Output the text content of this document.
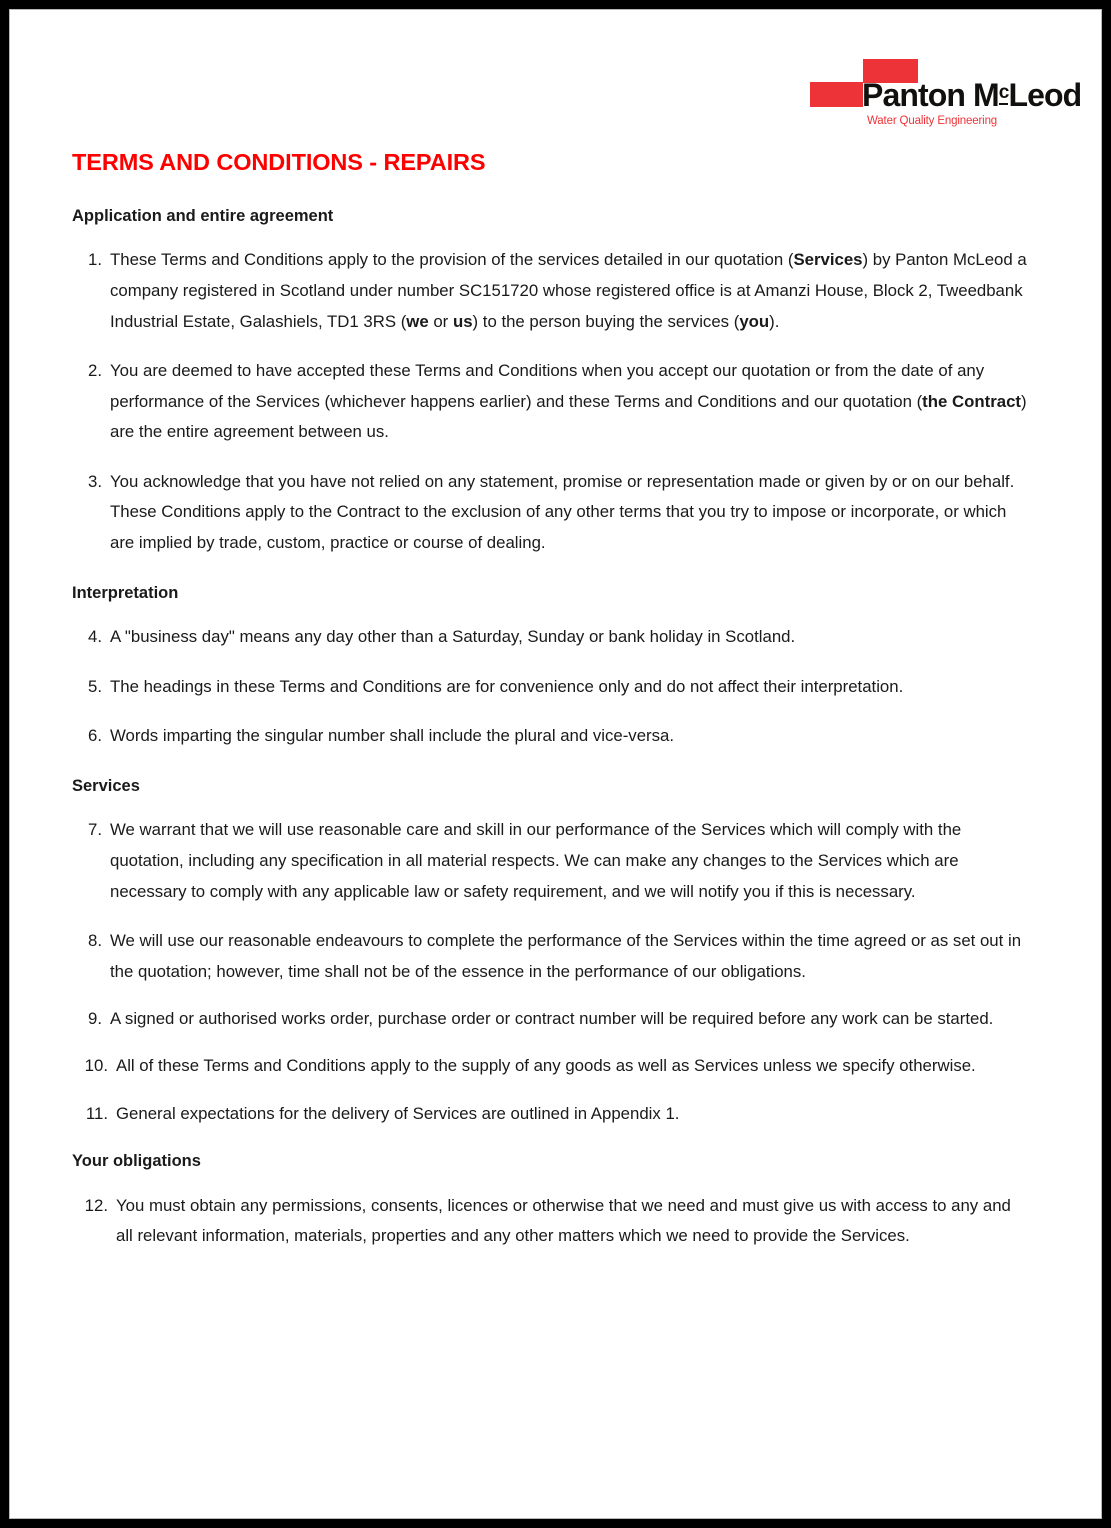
Panton $M^cLeod$
Water Quality Engineering
TERMS AND CONDITIONS - REPAIRS
Application and entire agreement
1. These Terms and Conditions apply to the provision of the services detailed in our quotation (Services) by Panton McLeod a company registered in Scotland under number SC151720 whose registered office is at Amanzi House, Block 2, Tweedbank Industrial Estate, Galashiels, TD1 3RS (we or us) to the person buying the services (you).
2. You are deemed to have accepted these Terms and Conditions when you accept our quotation or from the date of any performance of the Services (whichever happens earlier) and these Terms and Conditions and our quotation (the Contract) are the entire agreement between us.
3. You acknowledge that you have not relied on any statement, promise or representation made or given by or on our behalf. These Conditions apply to the Contract to the exclusion of any other terms that you try to impose or incorporate, or which are implied by trade, custom, practice or course of dealing.
Interpretation
4. A "business day" means any day other than a Saturday, Sunday or bank holiday in Scotland.
5. The headings in these Terms and Conditions are for convenience only and do not affect their interpretation.
6. Words imparting the singular number shall include the plural and vice-versa.
Services
7. We warrant that we will use reasonable care and skill in our performance of the Services which will comply with the quotation, including any specification in all material respects. We can make any changes to the Services which are necessary to comply with any applicable law or safety requirement, and we will notify you if this is necessary.
8. We will use our reasonable endeavours to complete the performance of the Services within the time agreed or as set out in the quotation; however, time shall not be of the essence in the performance of our obligations.
9. A signed or authorised works order, purchase order or contract number will be required before any work can be started.
10. All of these Terms and Conditions apply to the supply of any goods as well as Services unless we specify otherwise.
11. General expectations for the delivery of Services are outlined in Appendix 1.
Your obligations
12. You must obtain any permissions, consents, licences or otherwise that we need and must give us with access to any and all relevant information, materials, properties and any other matters which we need to provide the Services.
